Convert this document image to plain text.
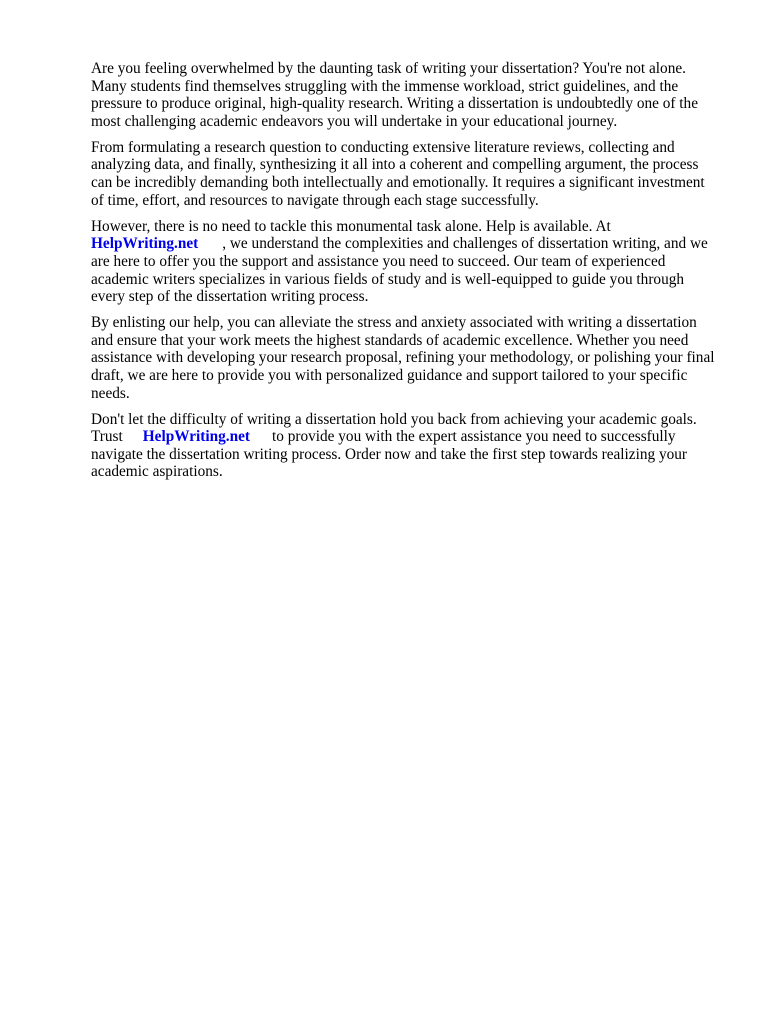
Are you feeling overwhelmed by the daunting task of writing your dissertation? You're not alone.
Many students find themselves struggling with the immense workload, strict guidelines, and the
pressure to produce original, high-quality research. Writing a dissertation is undoubtedly one of the
most challenging academic endeavors you will undertake in your educational journey.
From formulating a research question to conducting extensive literature reviews, collecting and
analyzing data, and finally, synthesizing it all into a coherent and compelling argument, the process
can be incredibly demanding both intellectually and emotionally. It requires a significant investment
of time, effort, and resources to navigate through each stage successfully.
However, there is no need to tackle this monumental task alone. Help is available. At
HelpWriting.net , we understand the complexities and challenges of dissertation writing, and we
are here to offer you the support and assistance you need to succeed. Our team of experienced
academic writers specializes in various fields of study and is well-equipped to guide you through
every step of the dissertation writing process.
By enlisting our help, you can alleviate the stress and anxiety associated with writing a dissertation
and ensure that your work meets the highest standards of academic excellence. Whether you need
assistance with developing your research proposal, refining your methodology, or polishing your final
draft, we are here to provide you with personalized guidance and support tailored to your specific
needs.
Don't let the difficulty of writing a dissertation hold you back from achieving your academic goals.
Trust HelpWriting.net to provide you with the expert assistance you need to successfully
navigate the dissertation writing process. Order now and take the first step towards realizing your
academic aspirations.
